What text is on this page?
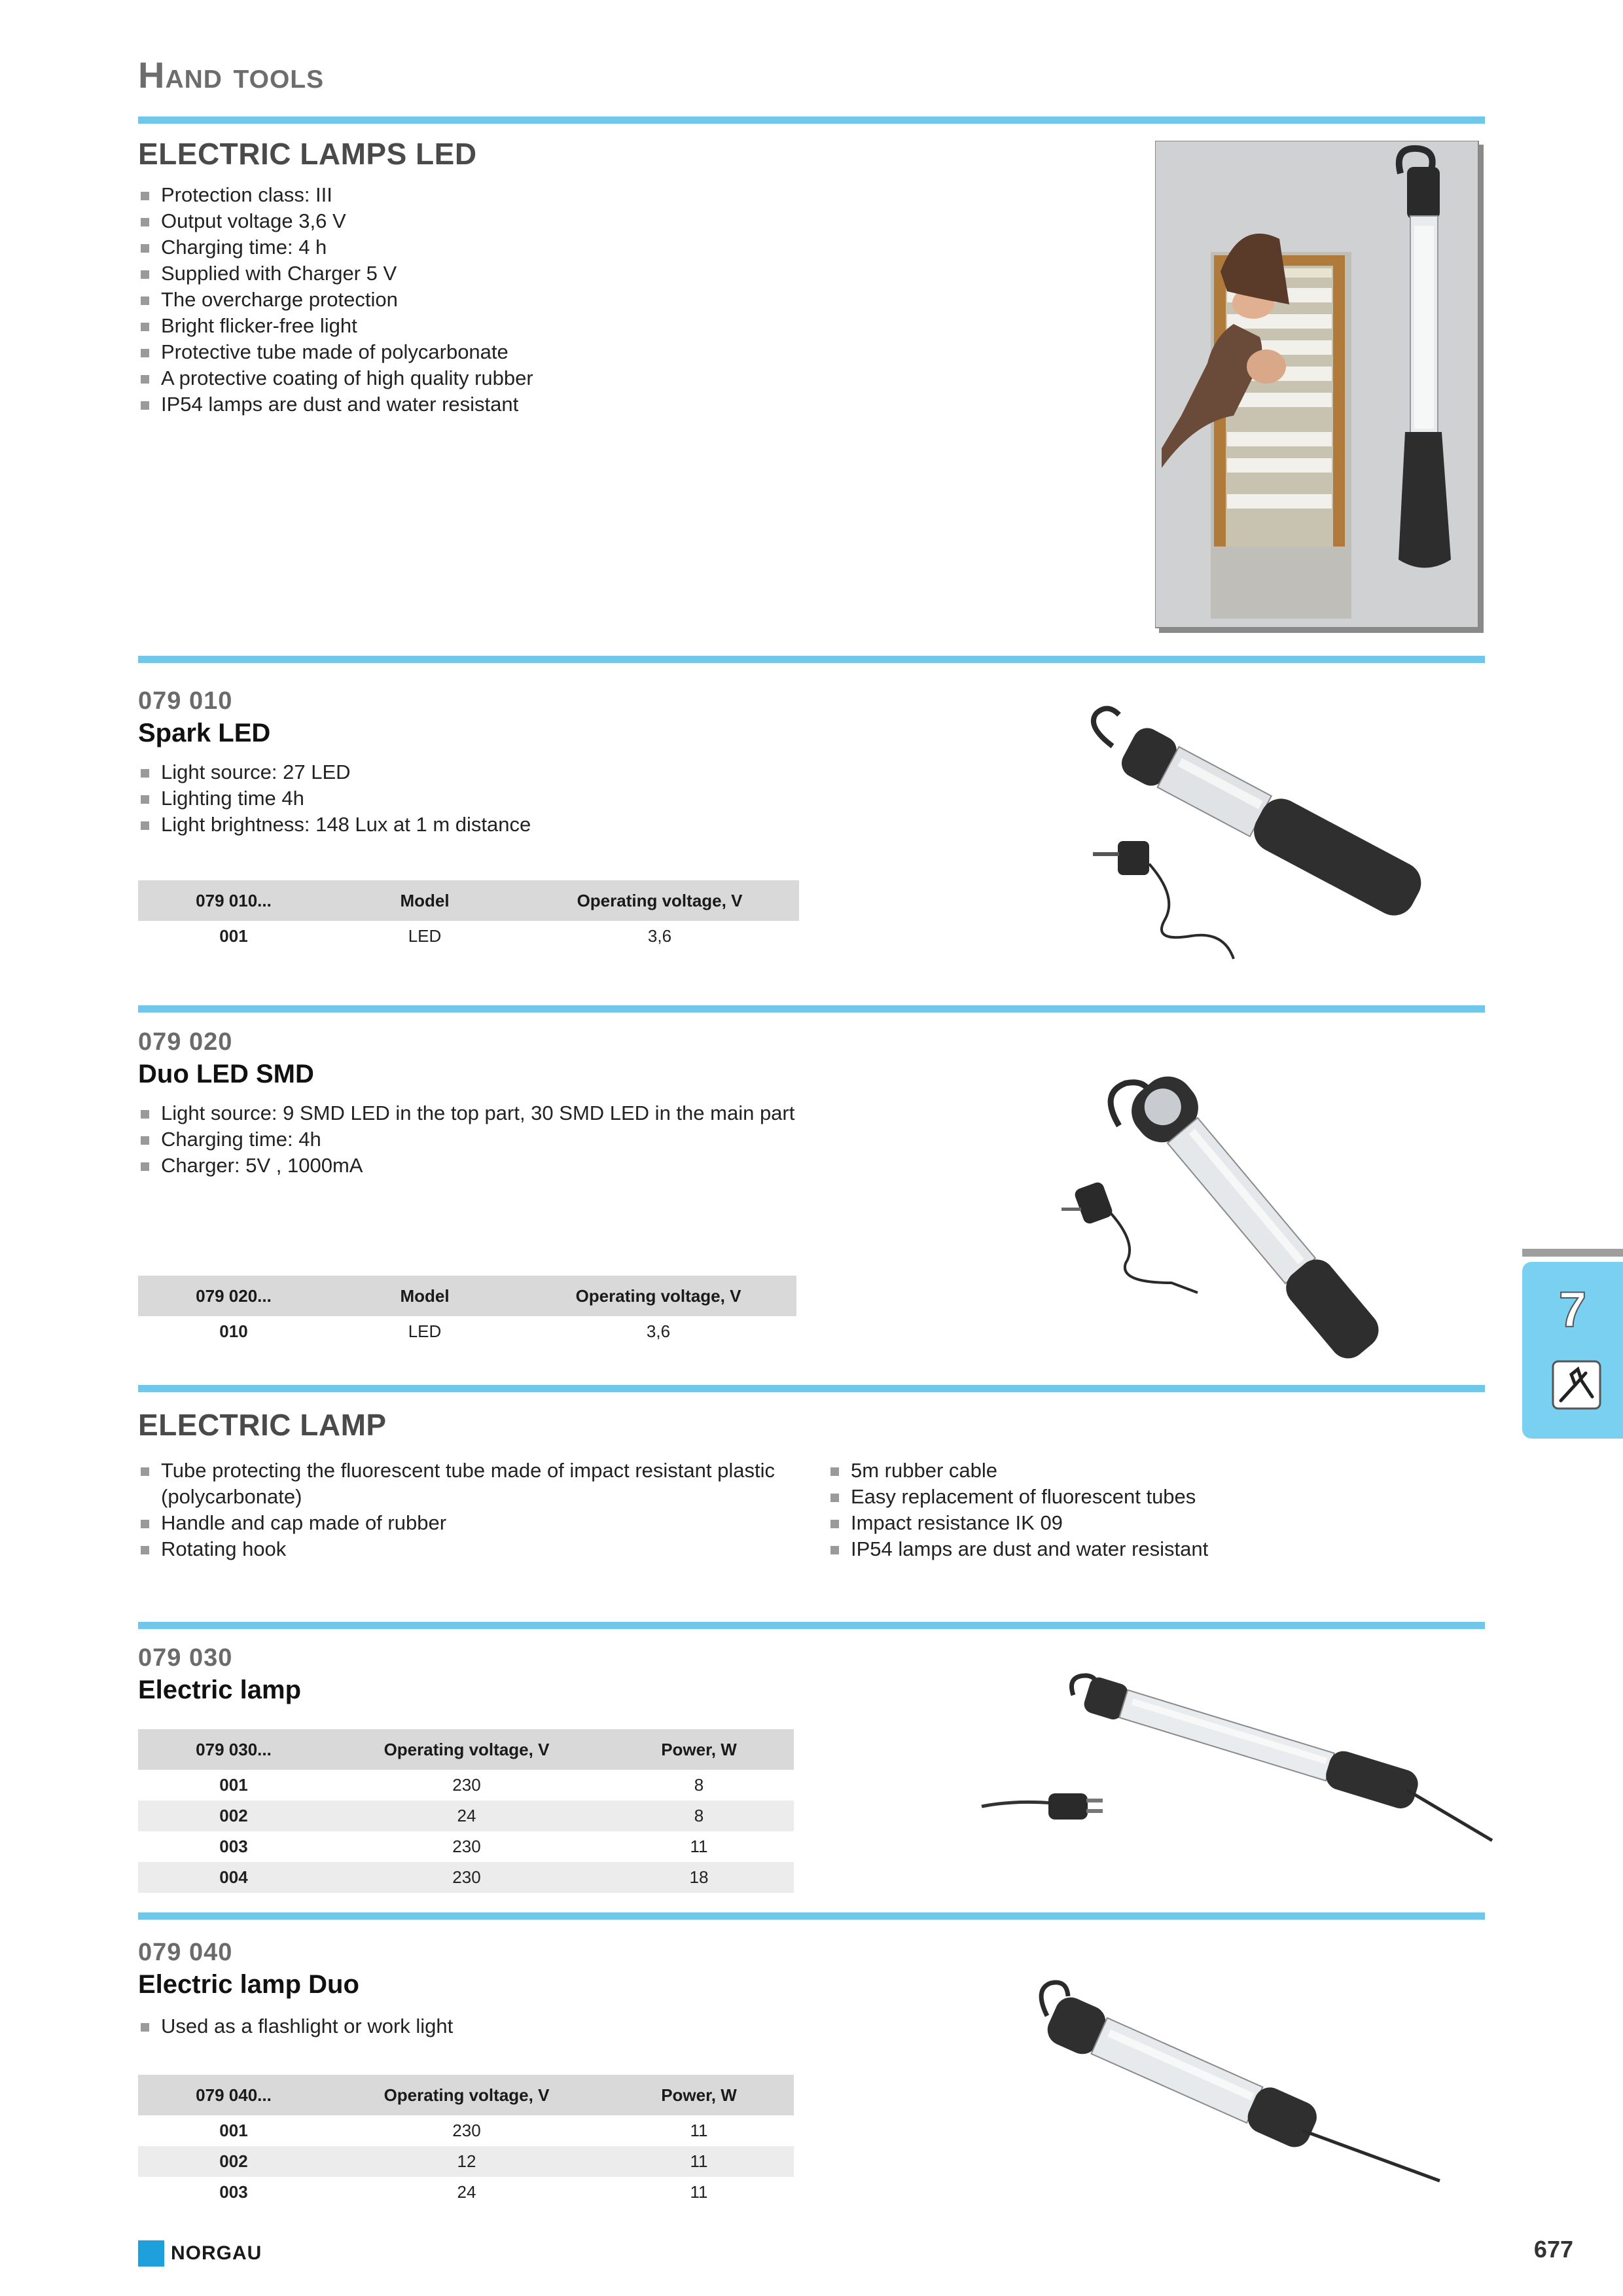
Hand tools
ELECTRIC LAMPS LED
Protection class: III
Output voltage 3,6 V
Charging time: 4 h
Supplied with Charger 5 V
The overcharge protection
Bright flicker-free light
Protective tube made of polycarbonate
A protective coating of high quality rubber
IP54 lamps are dust and water resistant
079 010
Spark LED
Light source: 27 LED
Lighting time 4h
Light brightness: 148 Lux at 1 m distance
079 010...	Model	Operating voltage, V
001	LED	3,6
079 020
Duo LED SMD
Light source: 9 SMD LED in the top part, 30 SMD LED in the main part
Charging time: 4h
Charger: 5V , 1000mA
079 020...	Model	Operating voltage, V
010	LED	3,6
ELECTRIC LAMP
Tube protecting the fluorescent tube made of impact resistant plastic (polycarbonate)
Handle and cap made of rubber
Rotating hook
5m rubber cable
Easy replacement of fluorescent tubes
Impact resistance IK 09
IP54 lamps are dust and water resistant
079 030
Electric lamp
079 030...	Operating voltage, V	Power, W
001	230	8
002	24	8
003	230	11
004	230	18
079 040
Electric lamp Duo
Used as a flashlight or work light
079 040...	Operating voltage, V	Power, W
001	230	11
002	12	11
003	24	11
7
NORGAU	677
